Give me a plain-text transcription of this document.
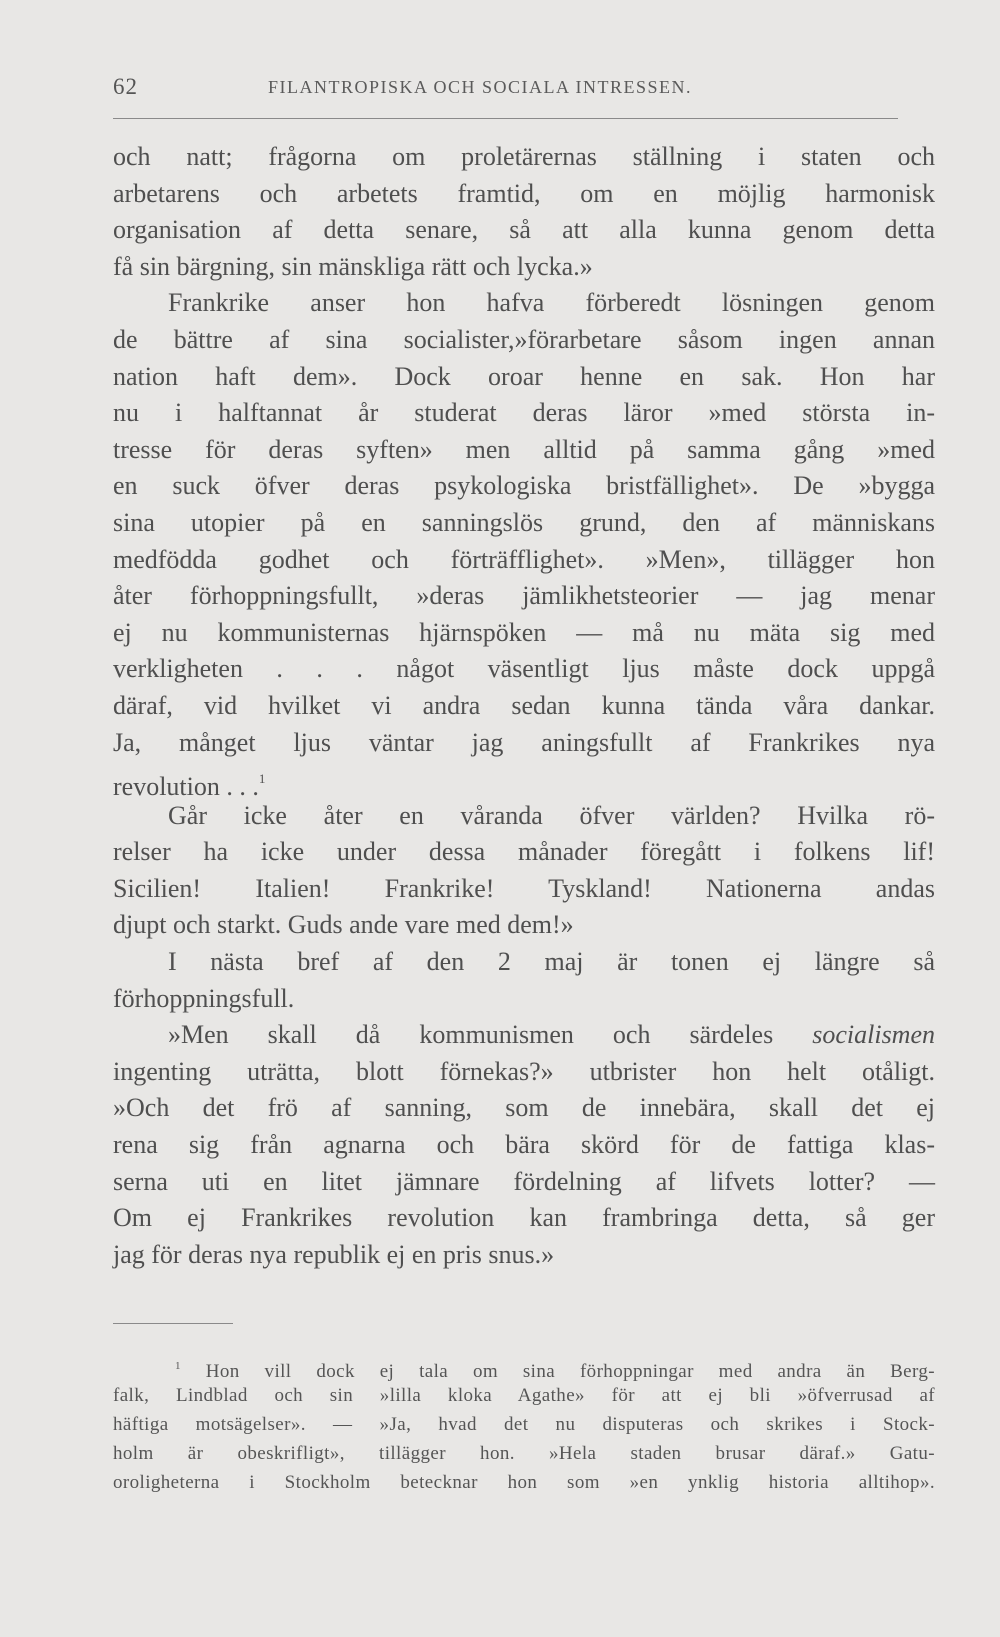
62	FILANTROPISKA OCH SOCIALA INTRESSEN.
och natt; frågorna om proletärernas ställning i staten och
arbetarens och arbetets framtid, om en möjlig harmonisk
organisation af detta senare, så att alla kunna genom detta
få sin bärgning, sin mänskliga rätt och lycka.»
Frankrike anser hon hafva förberedt lösningen genom
de bättre af sina socialister,»förarbetare såsom ingen annan
nation haft dem». Dock oroar henne en sak. Hon har
nu i halftannat år studerat deras läror »med största in-
tresse för deras syften» men alltid på samma gång »med
en suck öfver deras psykologiska bristfällighet». De »bygga
sina utopier på en sanningslös grund, den af människans
medfödda godhet och förträfflighet». »Men», tillägger hon
åter förhoppningsfullt, »deras jämlikhetsteorier — jag menar
ej nu kommunisternas hjärnspöken — må nu mäta sig med
verkligheten . . . något väsentligt ljus måste dock uppgå
däraf, vid hvilket vi andra sedan kunna tända våra dankar.
Ja, månget ljus väntar jag aningsfullt af Frankrikes nya
revolution . . .$^1$
Går icke åter en våranda öfver världen? Hvilka rö-
relser ha icke under dessa månader föregått i folkens lif!
Sicilien! Italien! Frankrike! Tyskland! Nationerna andas
djupt och starkt. Guds ande vare med dem!»
I nästa bref af den 2 maj är tonen ej längre så
förhoppningsfull.
»Men skall då kommunismen och särdeles socialismen
ingenting uträtta, blott förnekas?» utbrister hon helt otåligt.
»Och det frö af sanning, som de innebära, skall det ej
rena sig från agnarna och bära skörd för de fattiga klas-
serna uti en litet jämnare fördelning af lifvets lotter? —
Om ej Frankrikes revolution kan frambringa detta, så ger
jag för deras nya republik ej en pris snus.»
$^1$ Hon vill dock ej tala om sina förhoppningar med andra än Berg-
falk, Lindblad och sin »lilla kloka Agathe» för att ej bli »öfverrusad af
häftiga motsägelser». — »Ja, hvad det nu disputeras och skrikes i Stock-
holm är obeskrifligt», tillägger hon. »Hela staden brusar däraf.» Gatu-
oroligheterna i Stockholm betecknar hon som »en ynklig historia alltihop».
